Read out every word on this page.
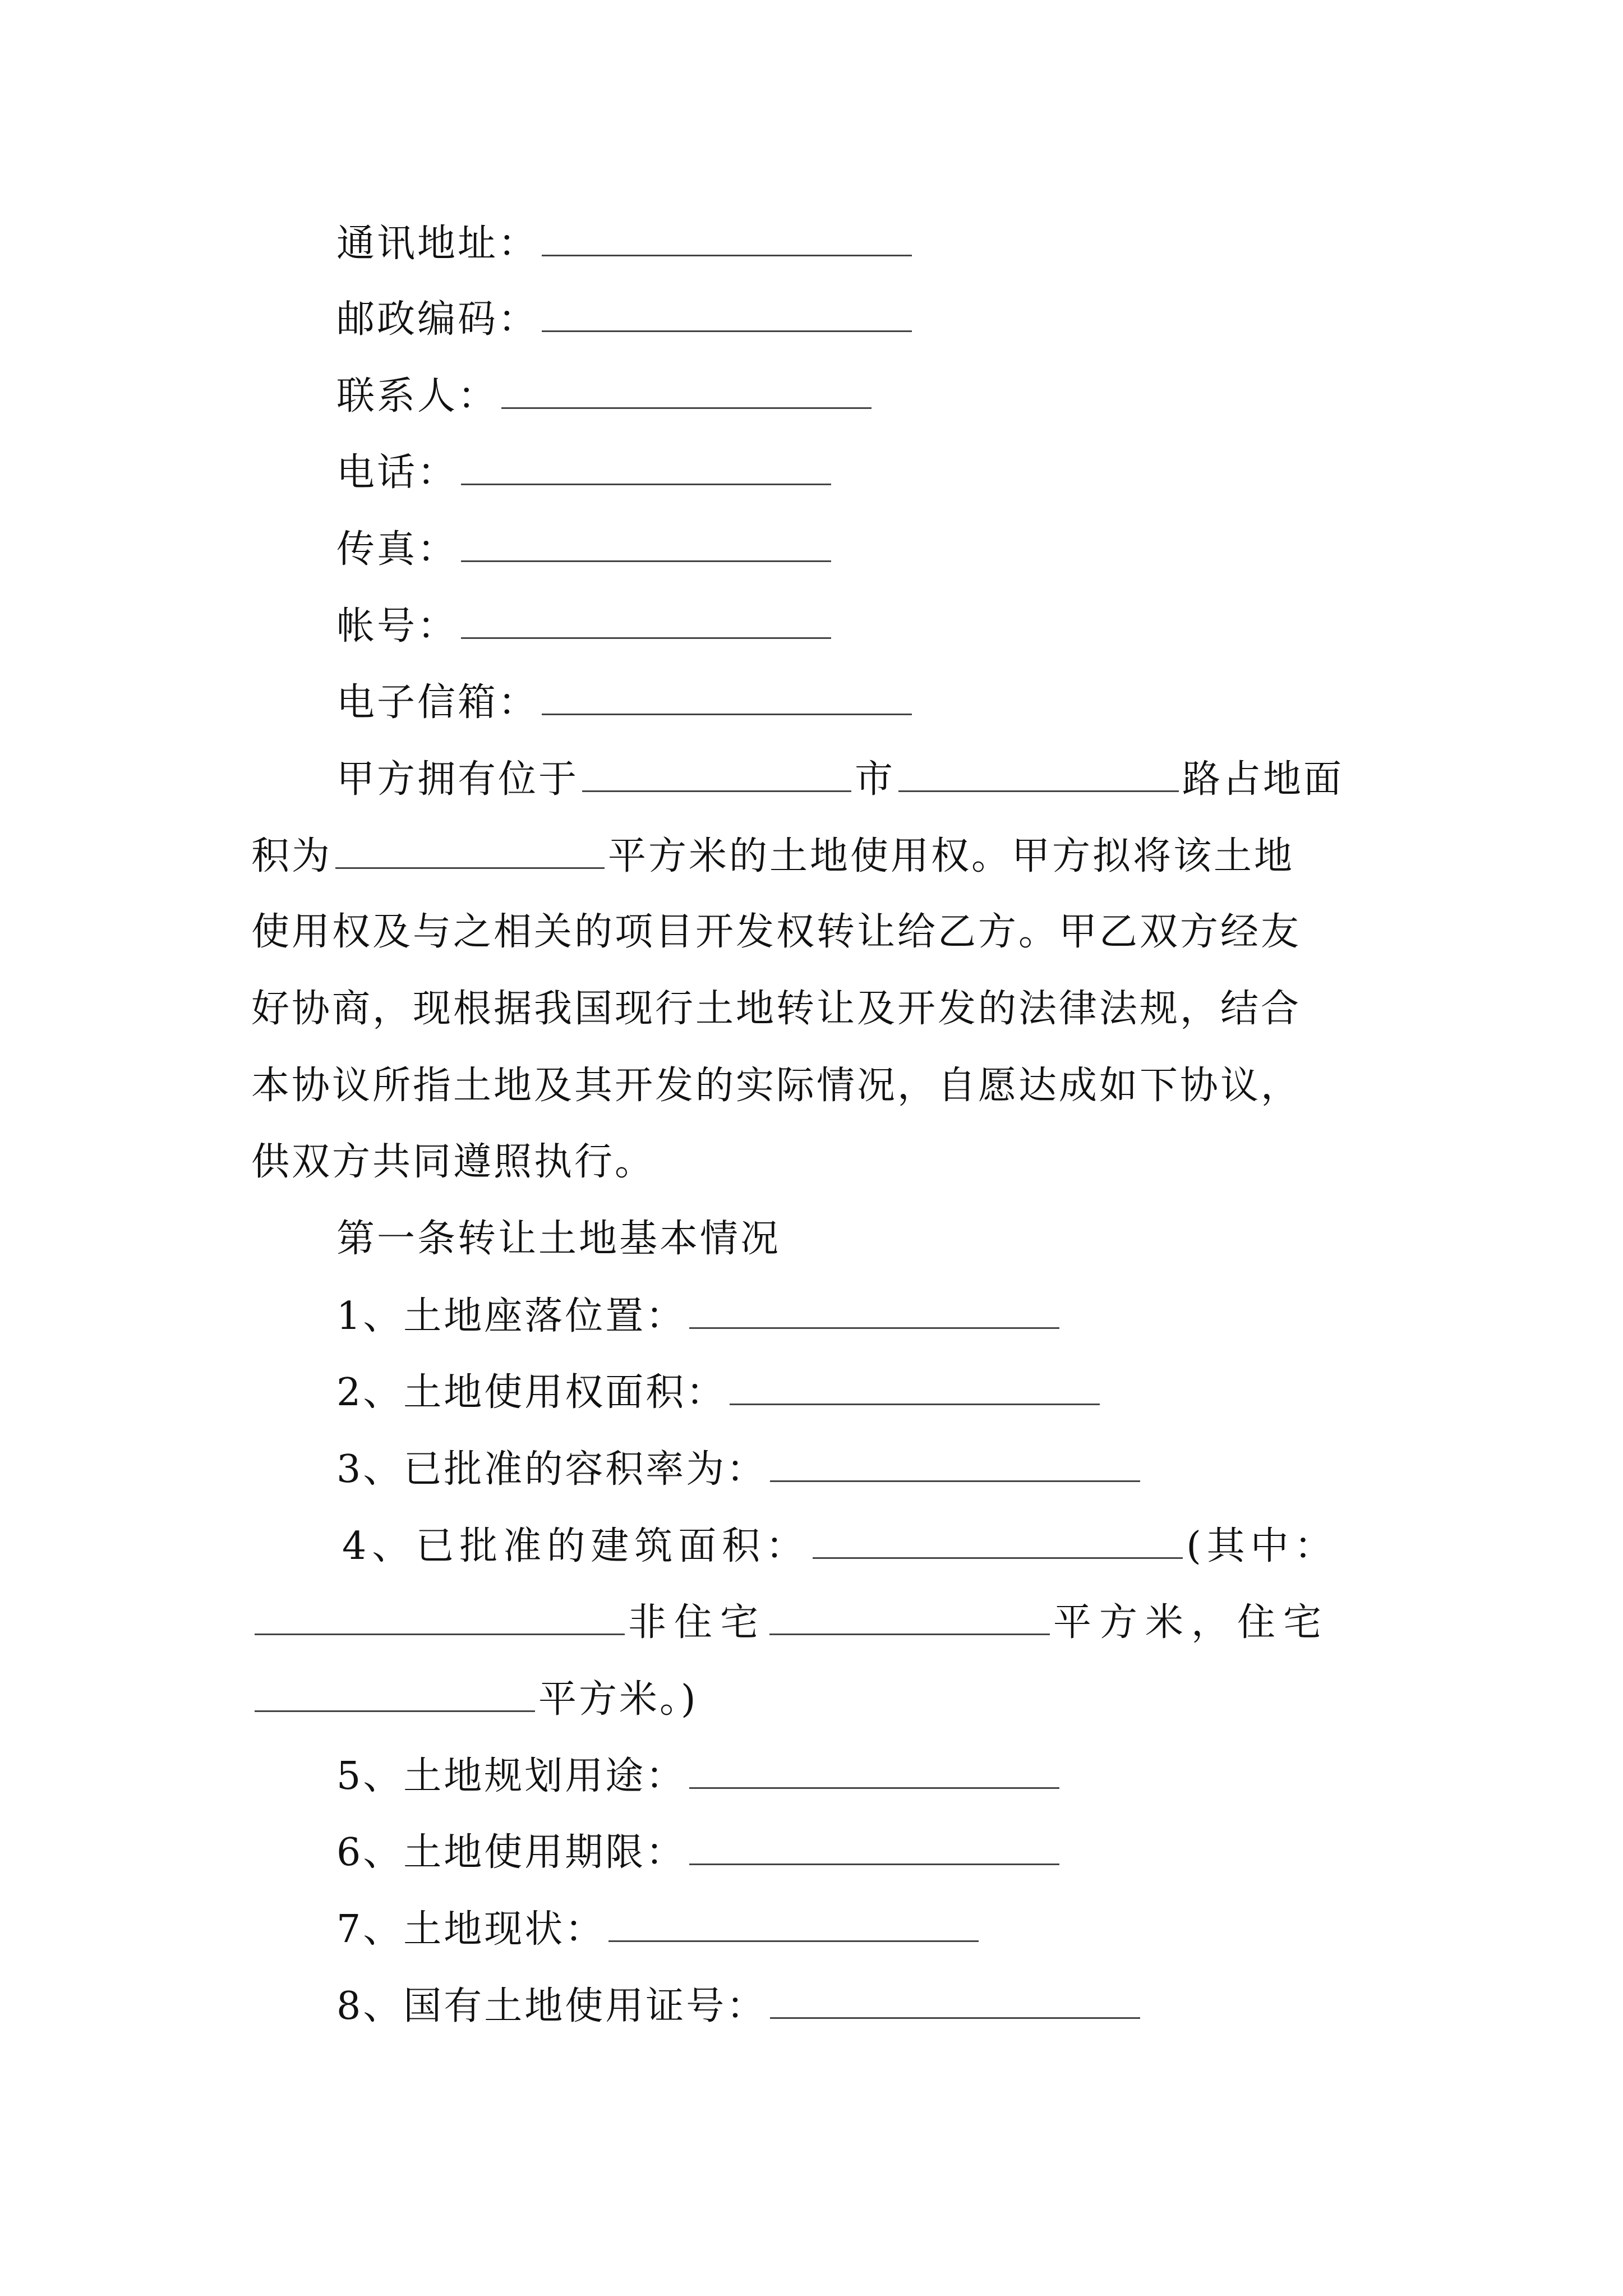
通讯地址：
邮政编码：
联系人：
电话：
传真：
帐号：
电子信箱：
甲方拥有位于	市	路占地面
积为	平方米的土地使用权。甲方拟将该土地
使用权及与之相关的项目开发权转让给乙方。甲乙双方经友
好协商，现根据我国现行土地转让及开发的法律法规，结合
本协议所指土地及其开发的实际情况，自愿达成如下协议，
供双方共同遵照执行。
第一条转让土地基本情况
1、土地座落位置：
2、土地使用权面积：
3、已批准的容积率为：
4、已批准的建筑面积：	(其中：
非住宅	平方米，住宅
平方米。)
5、土地规划用途：
6、土地使用期限：
7、土地现状：
8、国有土地使用证号：
